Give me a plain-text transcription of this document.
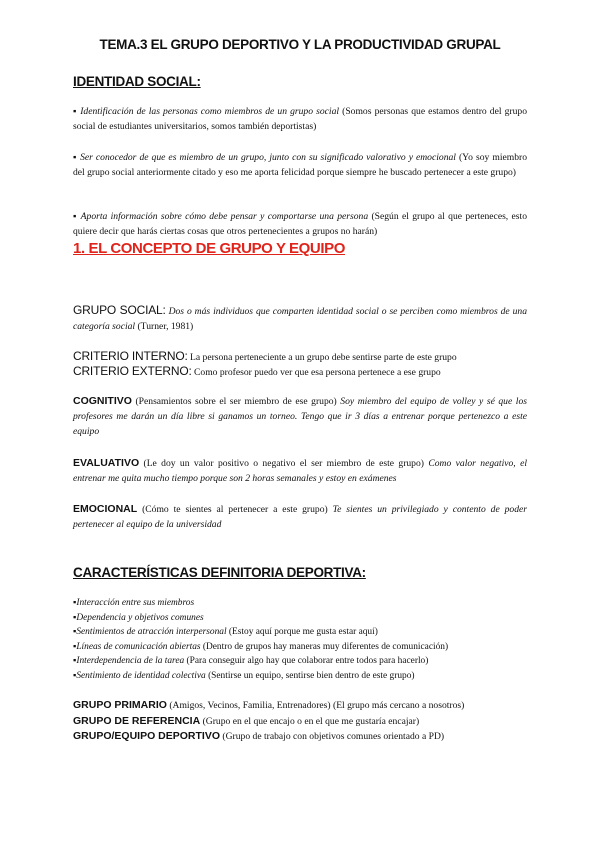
TEMA.3 EL GRUPO DEPORTIVO Y LA PRODUCTIVIDAD GRUPAL
IDENTIDAD SOCIAL:
▪ Identificación de las personas como miembros de un grupo social (Somos personas que estamos dentro del grupo social de estudiantes universitarios, somos también deportistas)
▪ Ser conocedor de que es miembro de un grupo, junto con su significado valorativo y emocional (Yo soy miembro del grupo social anteriormente citado y eso me aporta felicidad porque siempre he buscado pertenecer a este grupo)
▪ Aporta información sobre cómo debe pensar y comportarse una persona (Según el grupo al que perteneces, esto quiere decir que harás ciertas cosas que otros pertenecientes a grupos no harán)
1. EL CONCEPTO DE GRUPO Y EQUIPO
GRUPO SOCIAL: Dos o más individuos que comparten identidad social o se perciben como miembros de una categoría social (Turner, 1981)
CRITERIO INTERNO: La persona perteneciente a un grupo debe sentirse parte de este grupo
CRITERIO EXTERNO: Como profesor puedo ver que esa persona pertenece a ese grupo
COGNITIVO (Pensamientos sobre el ser miembro de ese grupo) Soy miembro del equipo de volley y sé que los profesores me darán un día libre si ganamos un torneo. Tengo que ir 3 días a entrenar porque pertenezco a este equipo
EVALUATIVO (Le doy un valor positivo o negativo el ser miembro de este grupo) Como valor negativo, el entrenar me quita mucho tiempo porque son 2 horas semanales y estoy en exámenes
EMOCIONAL (Cómo te sientes al pertenecer a este grupo) Te sientes un privilegiado y contento de poder pertenecer al equipo de la universidad
CARACTERÍSTICAS DEFINITORIA DEPORTIVA:
▪ Interacción entre sus miembros
▪ Dependencia y objetivos comunes
▪ Sentimientos de atracción interpersonal (Estoy aquí porque me gusta estar aquí)
▪ Líneas de comunicación abiertas (Dentro de grupos hay maneras muy diferentes de comunicación)
▪ Interdependencia de la tarea (Para conseguir algo hay que colaborar entre todos para hacerlo)
▪ Sentimiento de identidad colectiva (Sentirse un equipo, sentirse bien dentro de este grupo)
GRUPO PRIMARIO (Amigos, Vecinos, Familia, Entrenadores) (El grupo más cercano a nosotros)
GRUPO DE REFERENCIA (Grupo en el que encajo o en el que me gustaría encajar)
GRUPO/EQUIPO DEPORTIVO (Grupo de trabajo con objetivos comunes orientado a PD)
